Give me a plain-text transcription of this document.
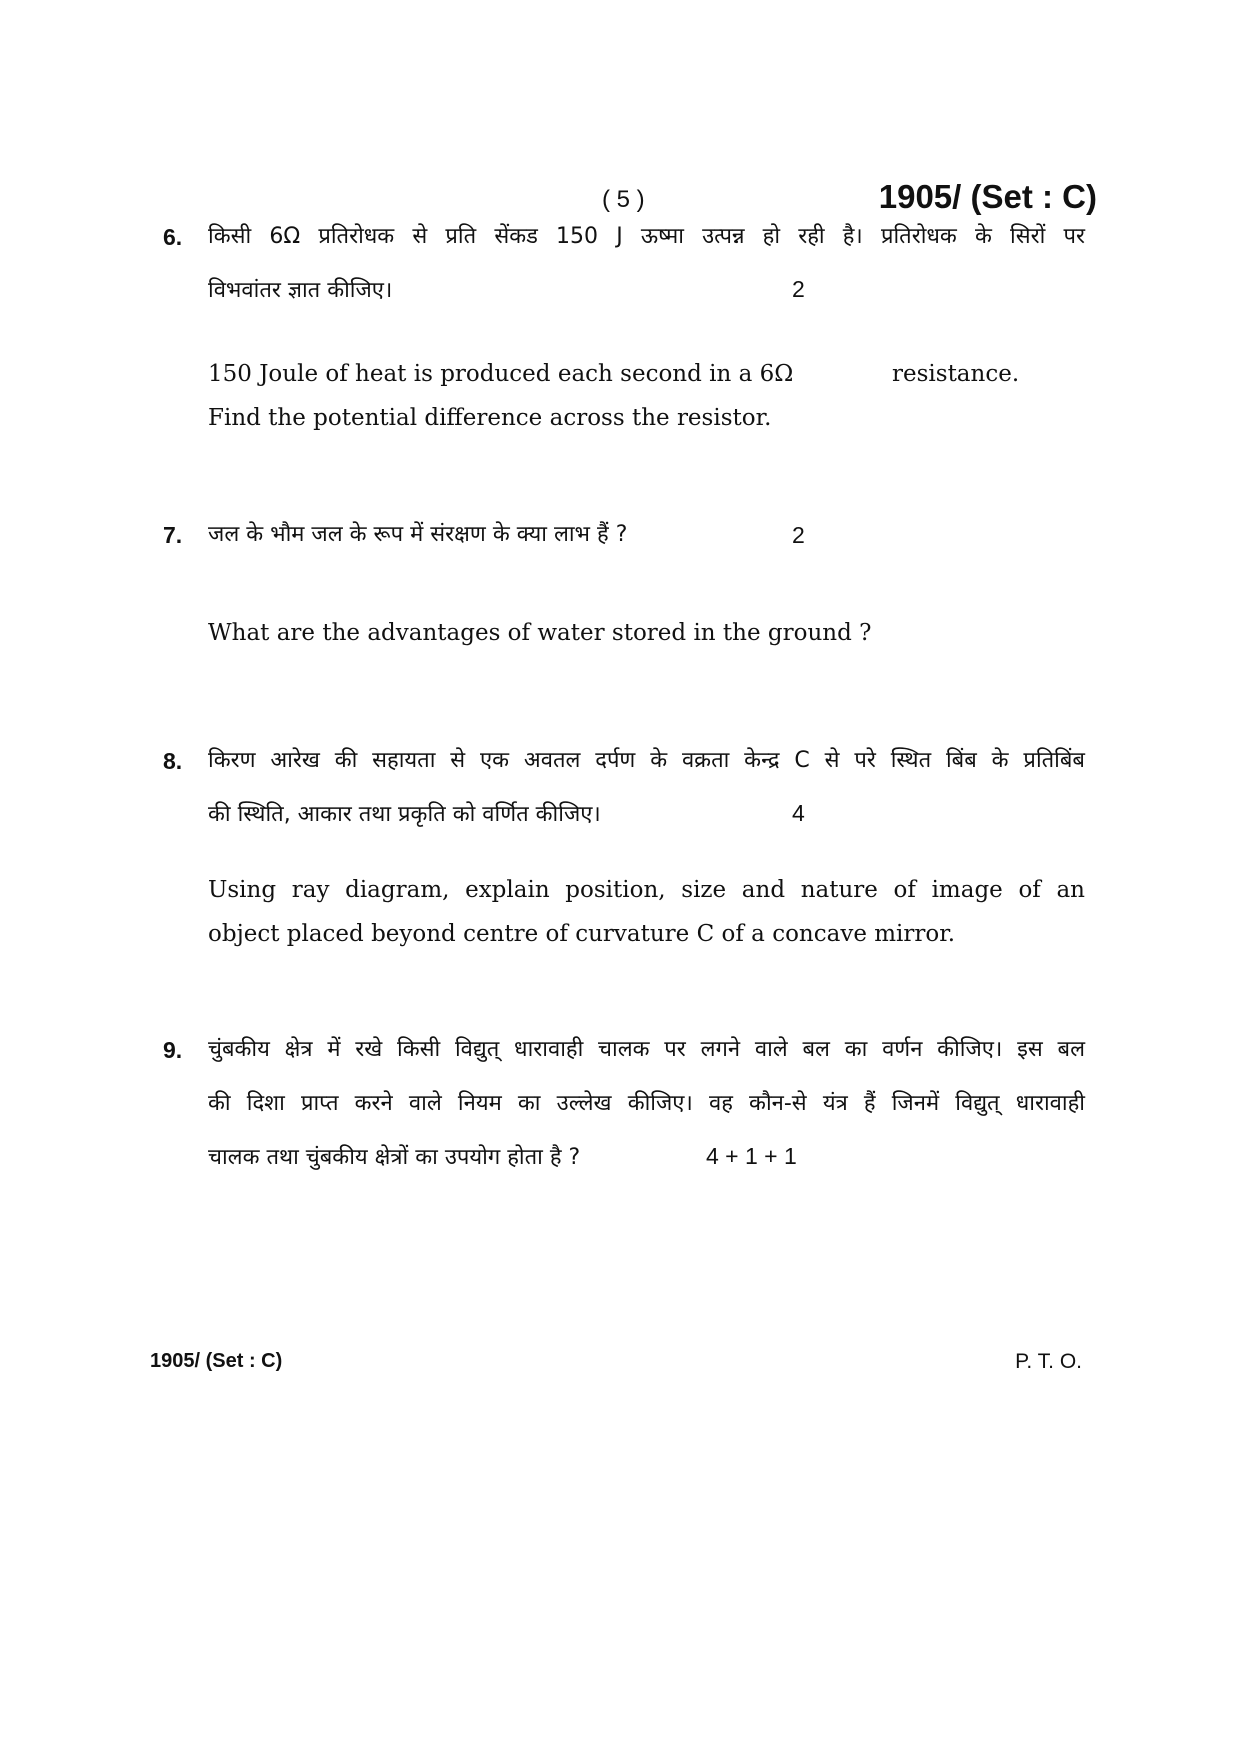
( 5 )	1905/ (Set : C)
6. किसी 6Ω प्रतिरोधक से प्रति सेंकड 150 J ऊष्मा उत्पन्न हो रही है। प्रतिरोधक के सिरों पर
विभवांतर ज्ञात कीजिए।	2
150 Joule of heat is produced each second in a 6Ω	resistance.
Find the potential difference across the resistor.
7. जल के भौम जल के रूप में संरक्षण के क्या लाभ हैं ?	2
What are the advantages of water stored in the ground ?
8. किरण आरेख की सहायता से एक अवतल दर्पण के वक्रता केन्द्र C से परे स्थित बिंब के प्रतिबिंब
की स्थिति, आकार तथा प्रकृति को वर्णित कीजिए।	4
Using ray diagram, explain position, size and nature of image of an
object placed beyond centre of curvature C of a concave mirror.
9. चुंबकीय क्षेत्र में रखे किसी विद्युत् धारावाही चालक पर लगने वाले बल का वर्णन कीजिए। इस बल
की दिशा प्राप्त करने वाले नियम का उल्लेख कीजिए। वह कौन-से यंत्र हैं जिनमें विद्युत् धारावाही
चालक तथा चुंबकीय क्षेत्रों का उपयोग होता है ?	4 + 1 + 1
1905/ (Set : C)	P. T. O.
